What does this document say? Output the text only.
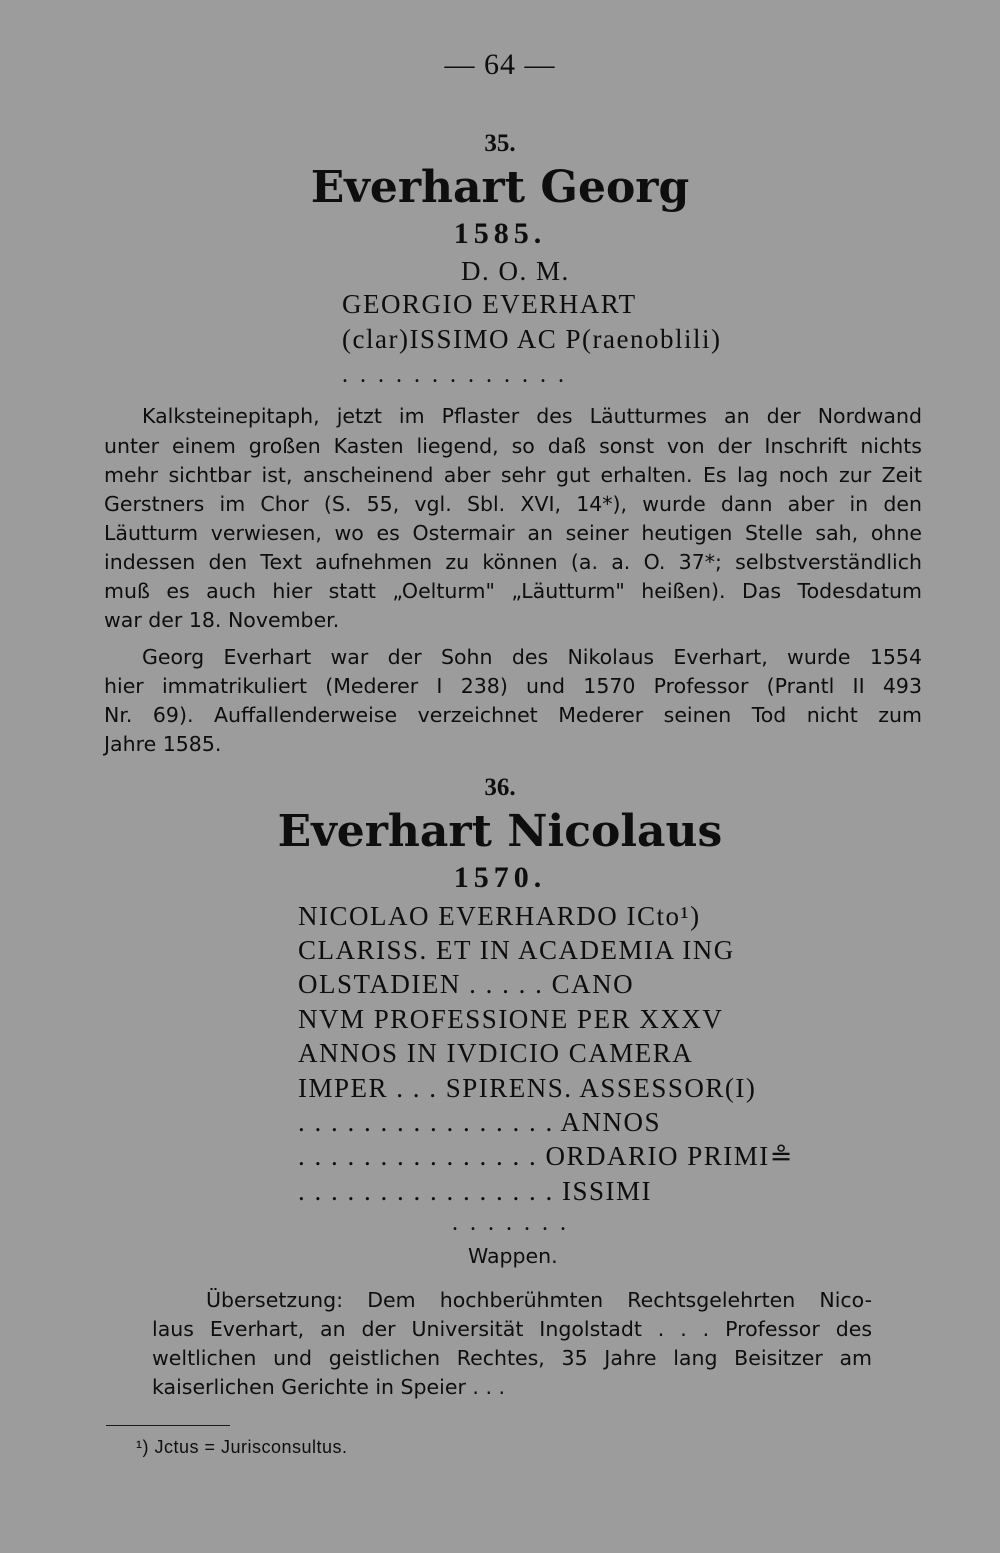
— 64 —
35.
Everhart Georg
1585.
D. O. M.
GEORGIO EVERHART
(clar)ISSIMO AC P(raenoblili)
. . . . . . . . . . . . .
Kalksteinepitaph, jetzt im Pflaster des Läutturmes an der Nordwand
unter einem großen Kasten liegend, so daß sonst von der Inschrift nichts
mehr sichtbar ist, anscheinend aber sehr gut erhalten. Es lag noch zur Zeit
Gerstners im Chor (S. 55, vgl. Sbl. XVI, 14*), wurde dann aber in den
Läutturm verwiesen, wo es Ostermair an seiner heutigen Stelle sah, ohne
indessen den Text aufnehmen zu können (a. a. O. 37*; selbstverständlich
muß es auch hier statt „Oelturm" „Läutturm" heißen). Das Todesdatum
war der 18. November.
Georg Everhart war der Sohn des Nikolaus Everhart, wurde 1554
hier immatrikuliert (Mederer I 238) und 1570 Professor (Prantl II 493
Nr. 69). Auffallenderweise verzeichnet Mederer seinen Tod nicht zum
Jahre 1585.
36.
Everhart Nicolaus
1570.
NICOLAO EVERHARDO ICto¹)
CLARISS. ET IN ACADEMIA ING
OLSTADIEN . . . . . CANO
NVM PROFESSIONE PER XXXV
ANNOS IN IVDICIO CAMERA
IMPER . . . SPIRENS. ASSESSOR(I)
. . . . . . . . . . . . . . . . ANNOS
. . . . . . . . . . . . . . . ORDARIO PRIMI≗
. . . . . . . . . . . . . . . . ISSIMI
. . . . . . .
Wappen.
Übersetzung: Dem hochberühmten Rechtsgelehrten Nico-
laus Everhart, an der Universität Ingolstadt . . . Professor des
weltlichen und geistlichen Rechtes, 35 Jahre lang Beisitzer am
kaiserlichen Gerichte in Speier . . .
¹) Jctus = Jurisconsultus.
